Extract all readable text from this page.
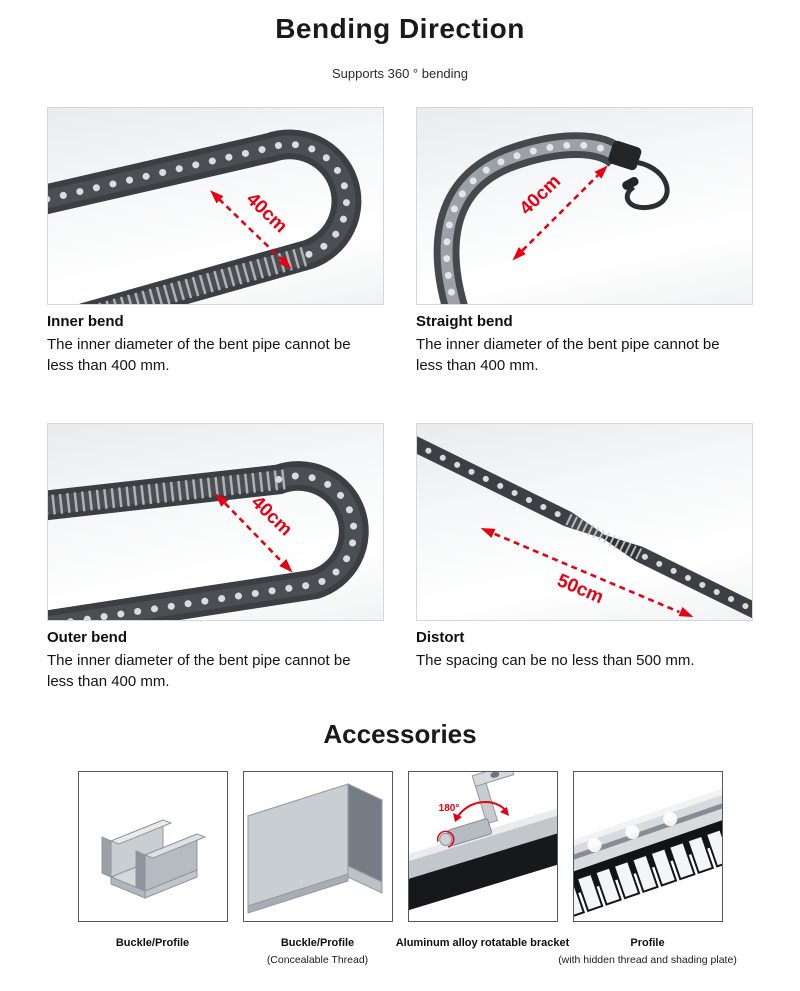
Bending Direction
Supports 360 ° bending
40cm
Inner bend

The inner diameter of the bent pipe cannot be less than 400 mm.

40cm
Straight bend

The inner diameter of the bent pipe cannot be less than 400 mm.

40cm
Outer bend

The inner diameter of the bent pipe cannot be less than 400 mm.

50cm
Distort

The spacing can be no less than 500 mm.

Accessories
Buckle/Profile	Buckle/Profile
(Concealable Thread)
180°
Aluminum alloy rotatable bracket	Profile
(with hidden thread and shading plate)
